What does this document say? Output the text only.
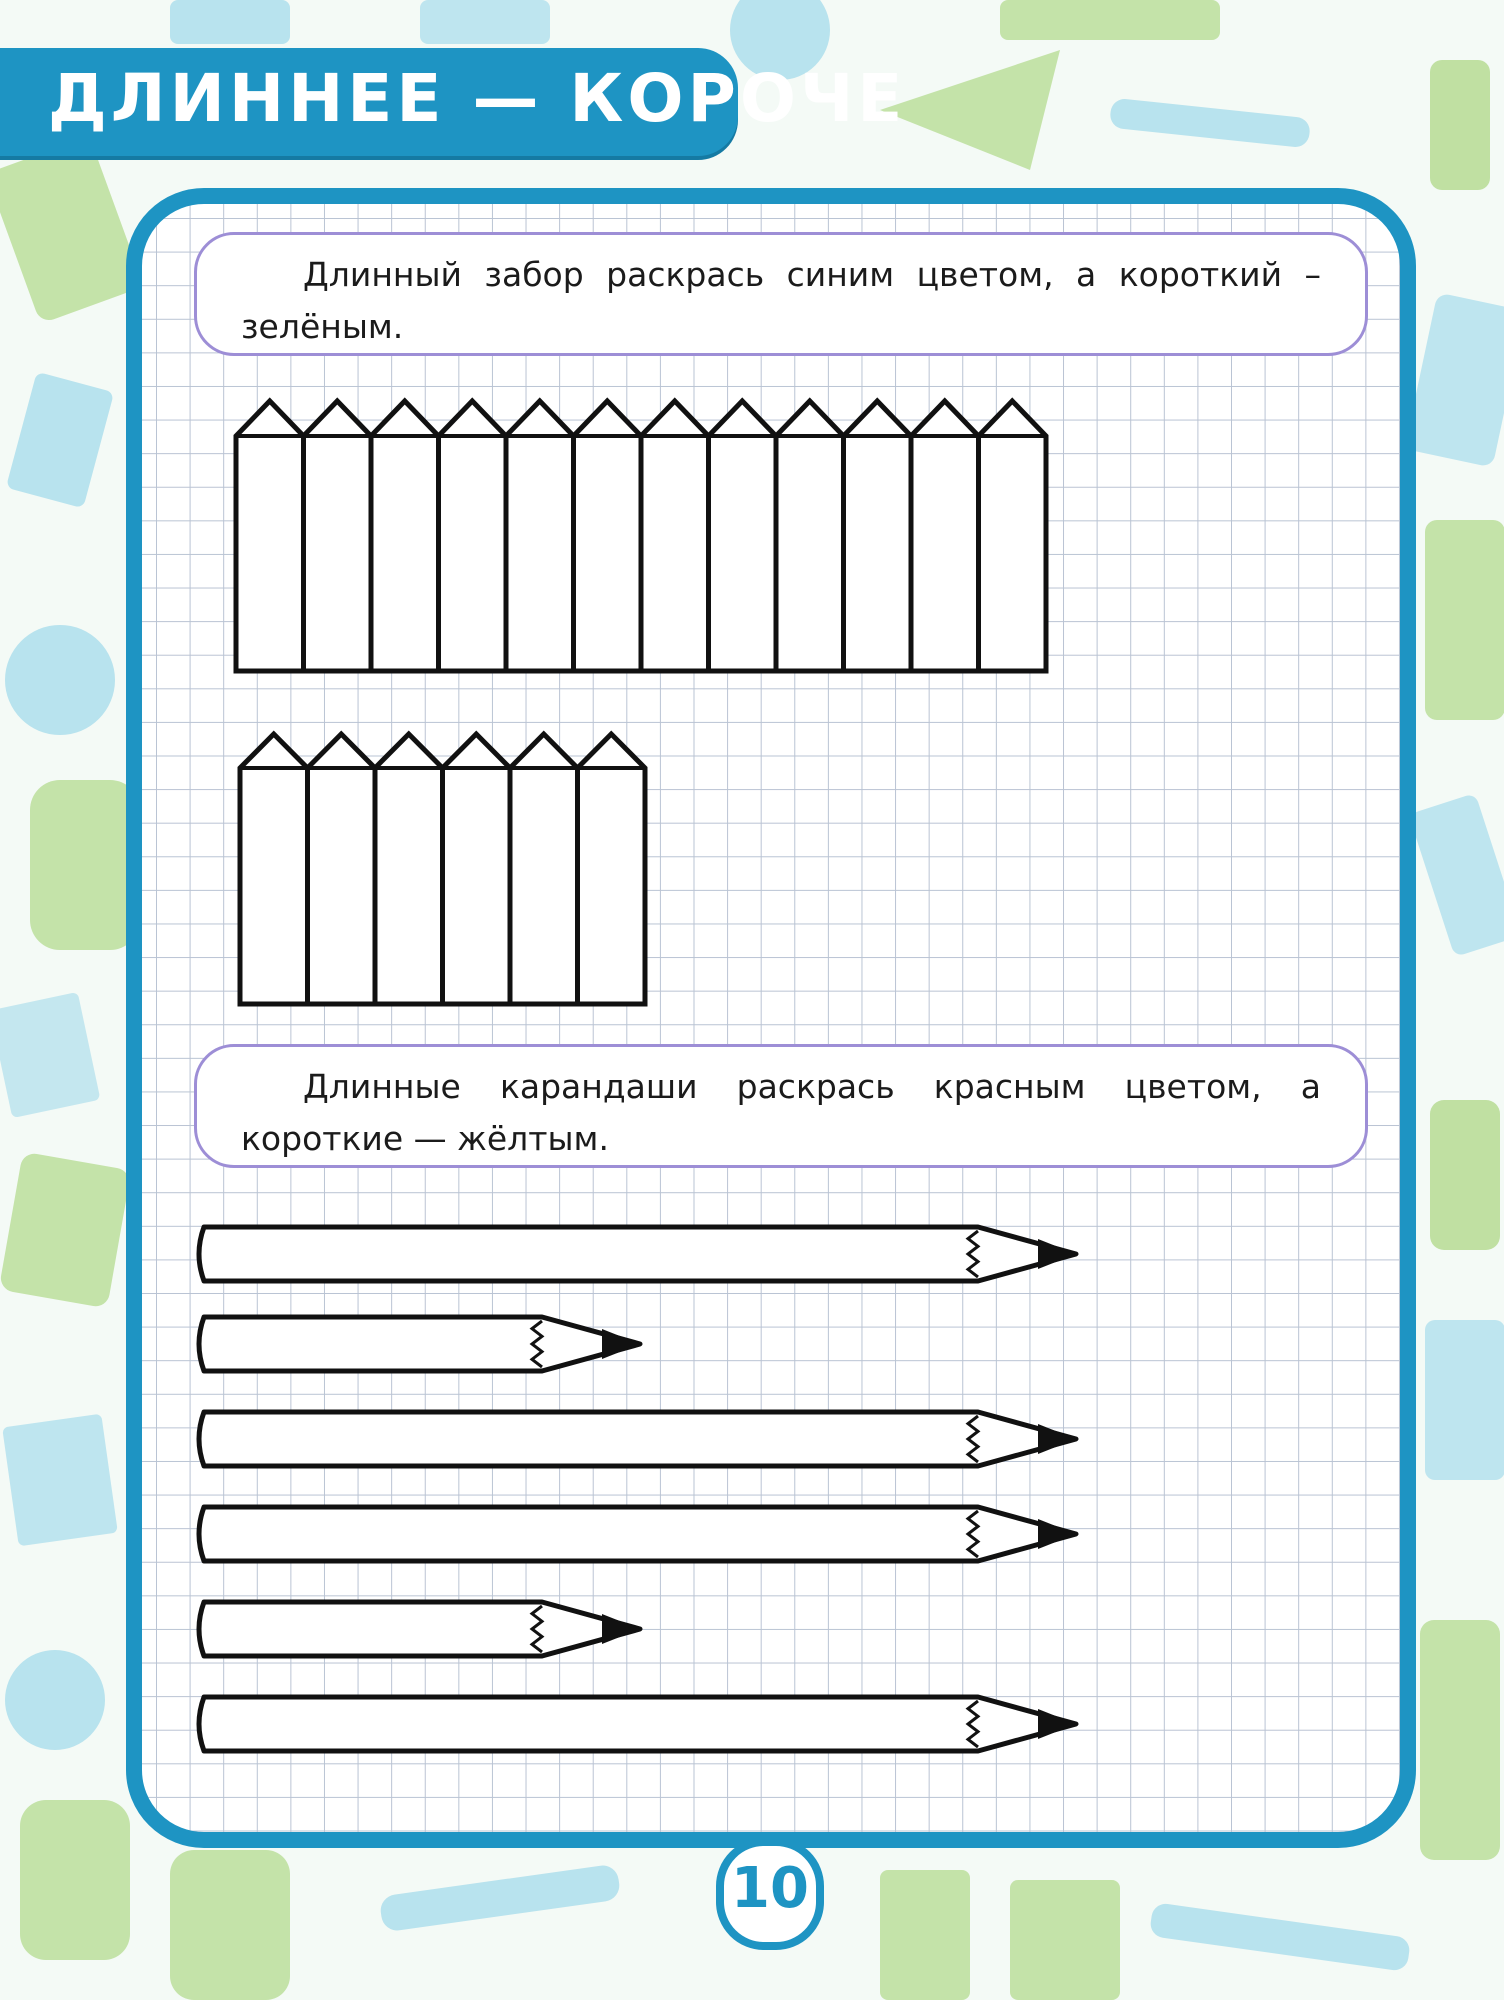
ДЛИННЕЕ — КОРОЧЕ
Длинный забор раскрась синим цветом, а короткий – зелёным.
Длинные карандаши раскрась красным цветом, а короткие — жёлтым.
10
